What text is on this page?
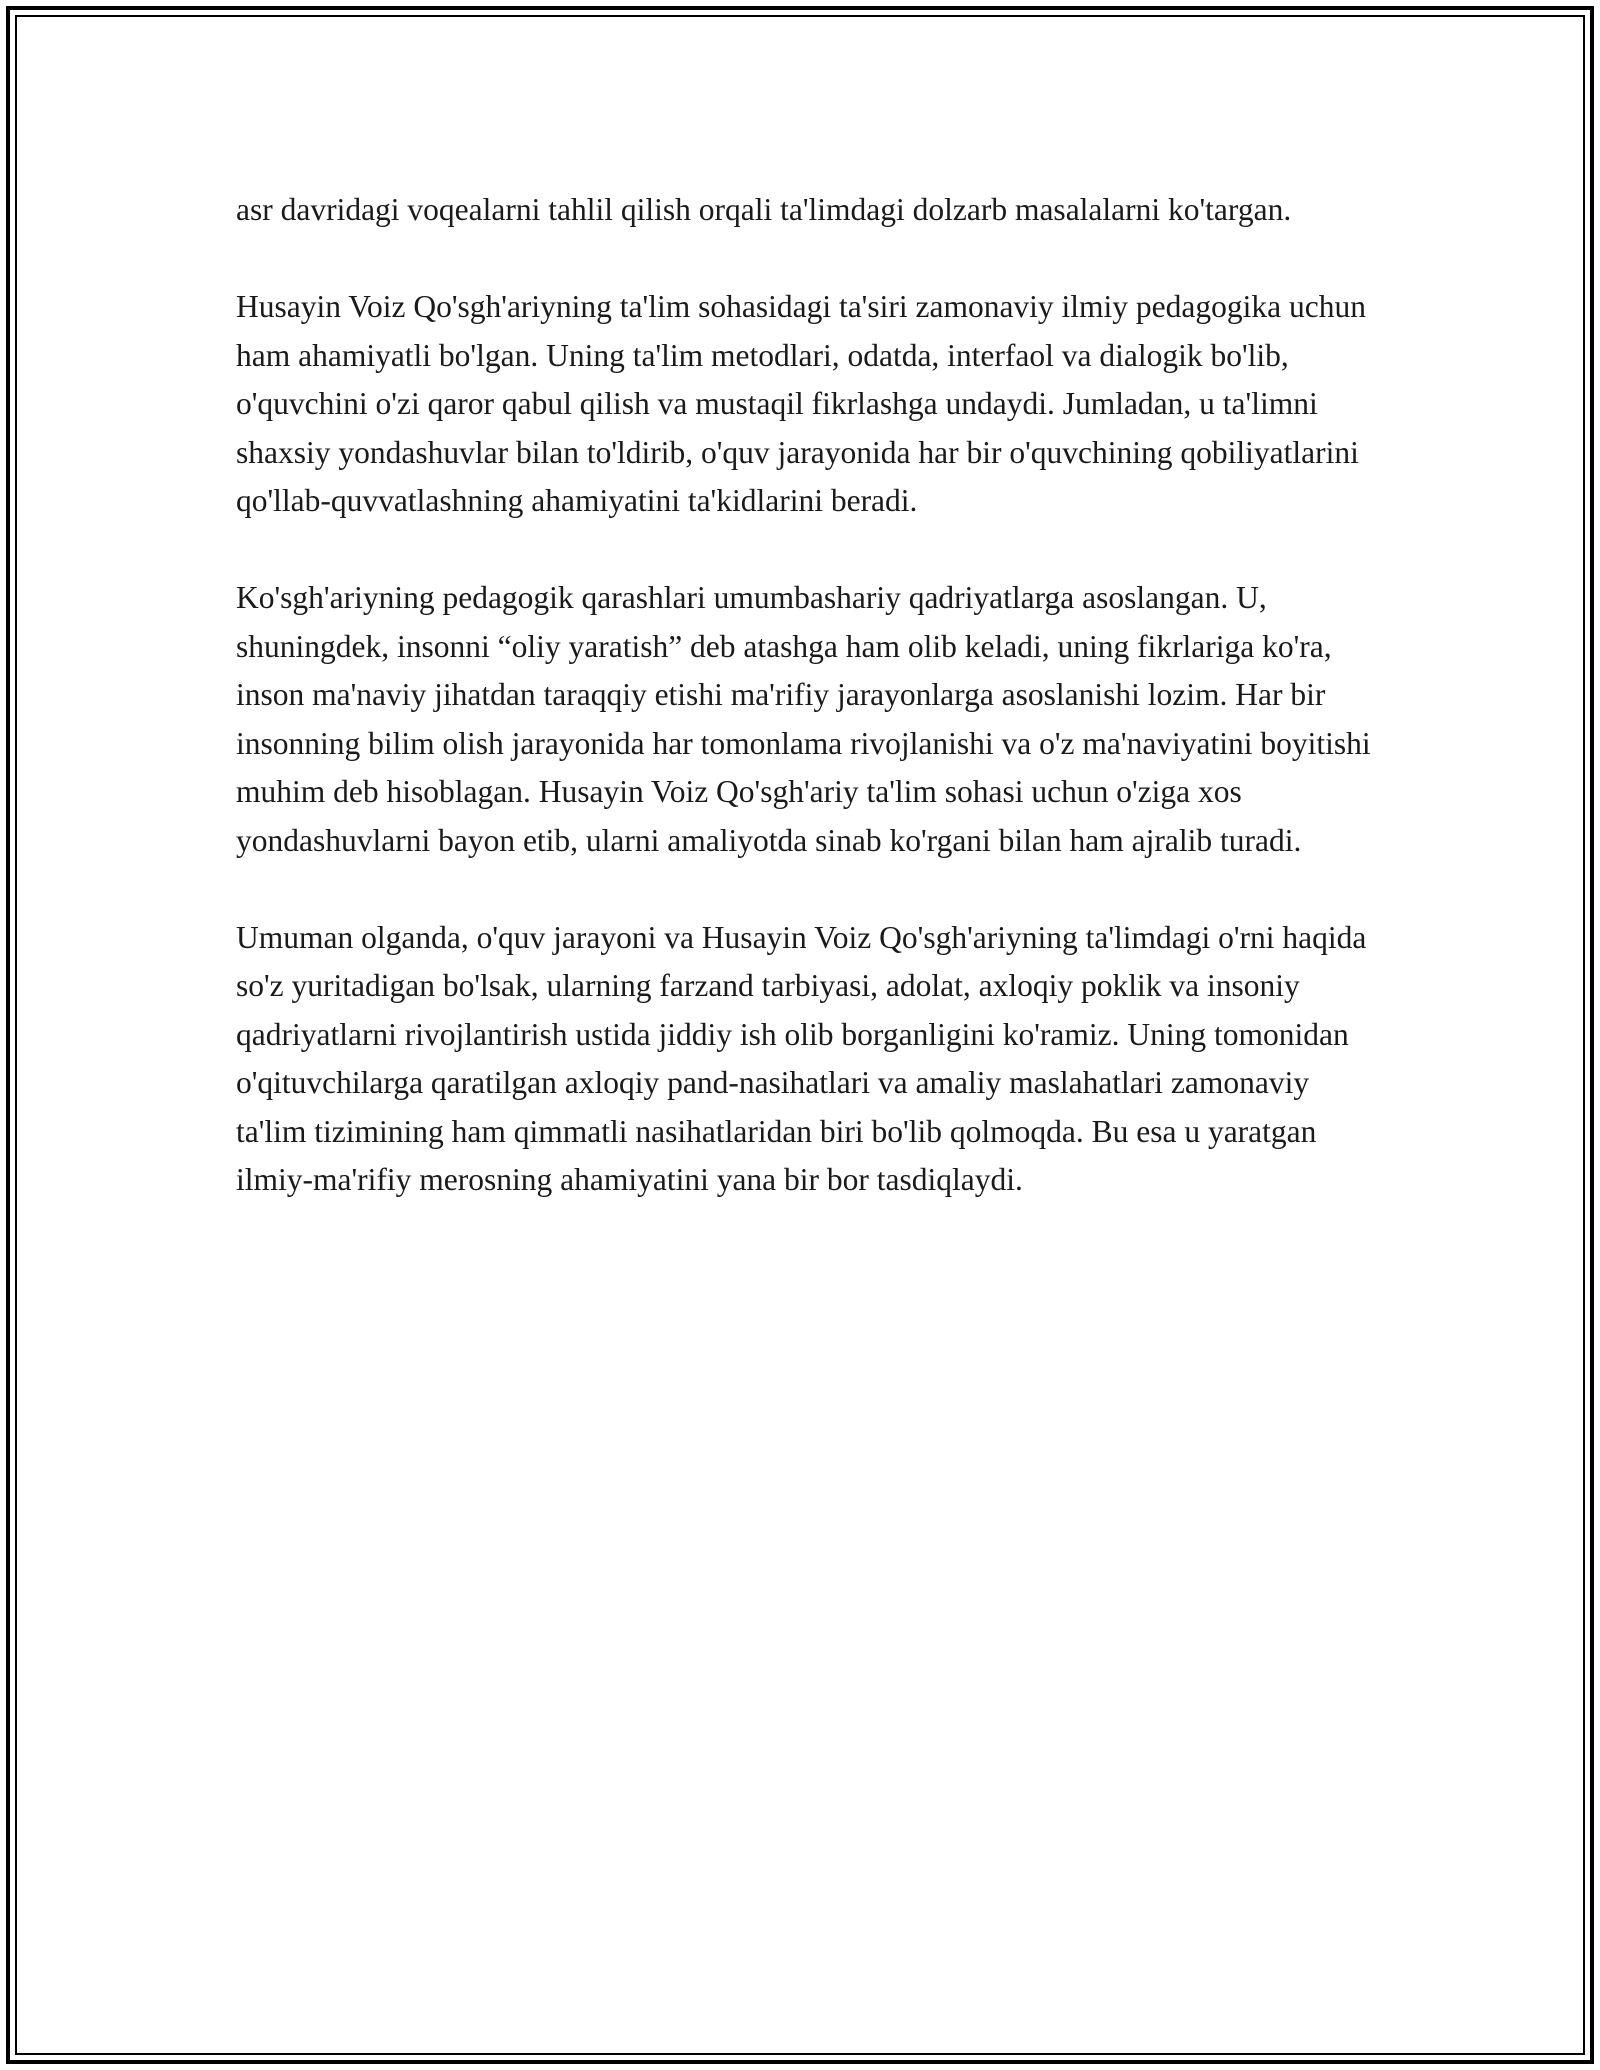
asr davridagi voqealarni tahlil qilish orqali ta'limdagi dolzarb masalalarni ko'targan.

Husayin Voiz Qo'sgh'ariyning ta'lim sohasidagi ta'siri zamonaviy ilmiy pedagogika uchun ham ahamiyatli bo'lgan. Uning ta'lim metodlari, odatda, interfaol va dialogik bo'lib, o'quvchini o'zi qaror qabul qilish va mustaqil fikrlashga undaydi. Jumladan, u ta'limni shaxsiy yondashuvlar bilan to'ldirib, o'quv jarayonida har bir o'quvchining qobiliyatlarini qo'llab-quvvatlashning ahamiyatini ta'kidlarini beradi.

Ko'sgh'ariyning pedagogik qarashlari umumbashariy qadriyatlarga asoslangan. U, shuningdek, insonni “oliy yaratish” deb atashga ham olib keladi, uning fikrlariga ko'ra, inson ma'naviy jihatdan taraqqiy etishi ma'rifiy jarayonlarga asoslanishi lozim. Har bir insonning bilim olish jarayonida har tomonlama rivojlanishi va o'z ma'naviyatini boyitishi muhim deb hisoblagan. Husayin Voiz Qo'sgh'ariy ta'lim sohasi uchun o'ziga xos yondashuvlarni bayon etib, ularni amaliyotda sinab ko'rgani bilan ham ajralib turadi.

Umuman olganda, o'quv jarayoni va Husayin Voiz Qo'sgh'ariyning ta'limdagi o'rni haqida so'z yuritadigan bo'lsak, ularning farzand tarbiyasi, adolat, axloqiy poklik va insoniy qadriyatlarni rivojlantirish ustida jiddiy ish olib borganligini ko'ramiz. Uning tomonidan o'qituvchilarga qaratilgan axloqiy pand-nasihatlari va amaliy maslahatlari zamonaviy ta'lim tizimining ham qimmatli nasihatlaridan biri bo'lib qolmoqda. Bu esa u yaratgan ilmiy-ma'rifiy merosning ahamiyatini yana bir bor tasdiqlaydi.
